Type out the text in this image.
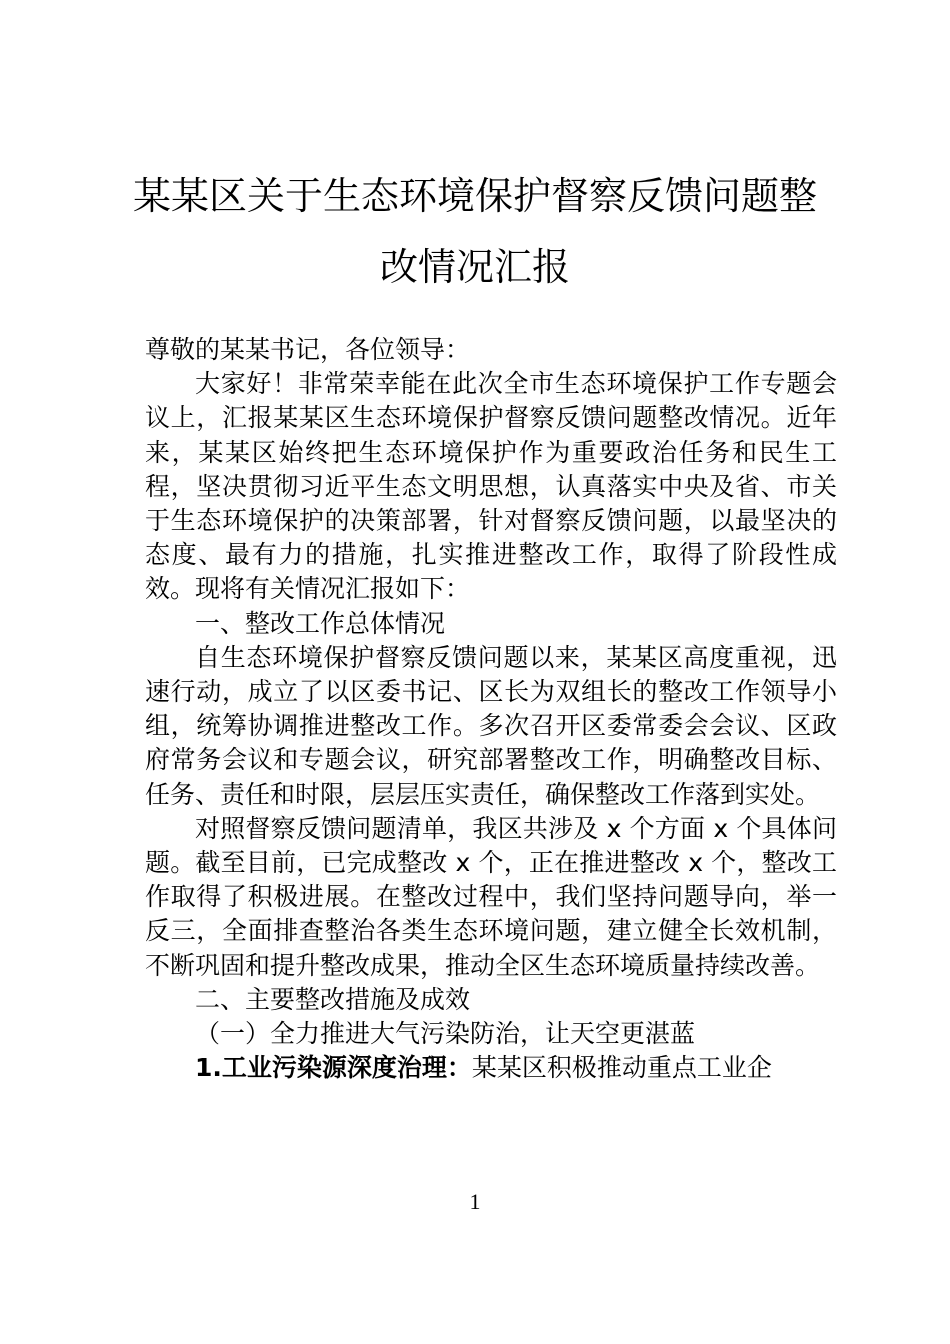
某某区关于生态环境保护督察反馈问题整
改情况汇报

尊敬的某某书记，各位领导：

大家好！非常荣幸能在此次全市生态环境保护工作专题会议上，汇报某某区生态环境保护督察反馈问题整改情况。近年来，某某区始终把生态环境保护作为重要政治任务和民生工程，坚决贯彻习近平生态文明思想，认真落实中央及省、市关于生态环境保护的决策部署，针对督察反馈问题，以最坚决的态度、最有力的措施，扎实推进整改工作，取得了阶段性成效。现将有关情况汇报如下：

一、整改工作总体情况

自生态环境保护督察反馈问题以来，某某区高度重视，迅速行动，成立了以区委书记、区长为双组长的整改工作领导小组，统筹协调推进整改工作。多次召开区委常委会会议、区政府常务会议和专题会议，研究部署整改工作，明确整改目标、任务、责任和时限，层层压实责任，确保整改工作落到实处。

对照督察反馈问题清单，我区共涉及 x 个方面 x 个具体问题。截至目前，已完成整改 x 个，正在推进整改 x 个，整改工作取得了积极进展。在整改过程中，我们坚持问题导向，举一反三，全面排查整治各类生态环境问题，建立健全长效机制，不断巩固和提升整改成果，推动全区生态环境质量持续改善。

二、主要整改措施及成效

（一）全力推进大气污染防治，让天空更湛蓝

1.工业污染源深度治理：某某区积极推动重点工业企

1
